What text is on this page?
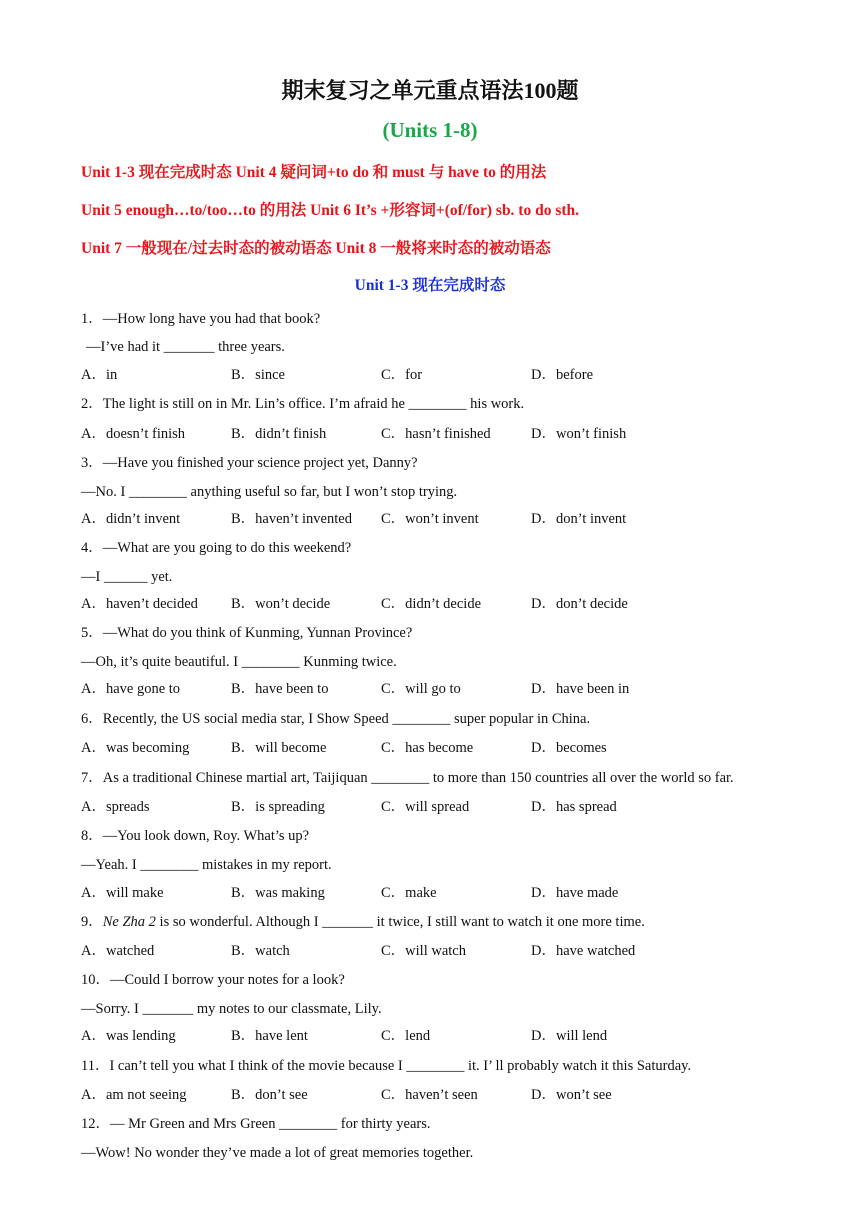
期末复习之单元重点语法100题
(Units 1-8)
Unit 1-3 现在完成时态 Unit 4 疑问词+to do 和 must 与 have to 的用法
Unit 5 enough…to/too…to 的用法 Unit 6 It’s +形容词+(of/for) sb. to do sth.
Unit 7 一般现在/过去时态的被动语态 Unit 8 一般将来时态的被动语态
Unit 1-3 现在完成时态
1．—How long have you had that book?
—I’ve had it _______ three years.
A．in	B．since	C．for	D．before
2．The light is still on in Mr. Lin’s office. I’m afraid he ________ his work.
A．doesn’t finish	B．didn’t finish	C．hasn’t finished	D．won’t finish
3．—Have you finished your science project yet, Danny?
—No. I ________ anything useful so far, but I won’t stop trying.
A．didn’t invent	B．haven’t invented C．won’t invent	D．don’t invent
4．—What are you going to do this weekend?
—I ______ yet.
A．haven’t decided B．won’t decide	C．didn’t decide	D．don’t decide
5．—What do you think of Kunming, Yunnan Province?
—Oh, it’s quite beautiful. I ________ Kunming twice.
A．have gone to	B．have been to	C．will go to	D．have been in
6．Recently, the US social media star, I Show Speed ________ super popular in China.
A．was becoming	B．will become	C．has become	D．becomes
7．As a traditional Chinese martial art, Taijiquan ________ to more than 150 countries all over the world so far.
A．spreads	B．is spreading	C．will spread	D．has spread
8．—You look down, Roy. What’s up?
—Yeah. I ________ mistakes in my report.
A．will make	B．was making	C．make	D．have made
9．Ne Zha 2 is so wonderful. Although I _______ it twice, I still want to watch it one more time.
A．watched	B．watch	C．will watch	D．have watched
10．—Could I borrow your notes for a look?
—Sorry. I _______ my notes to our classmate, Lily.
A．was lending	B．have lent	C．lend	D．will lend
11．I can’t tell you what I think of the movie because I ________ it. I’ ll probably watch it this Saturday.
A．am not seeing	B．don’t see	C．haven’t seen	D．won’t see
12．— Mr Green and Mrs Green ________ for thirty years.
—Wow! No wonder they’ve made a lot of great memories together.
